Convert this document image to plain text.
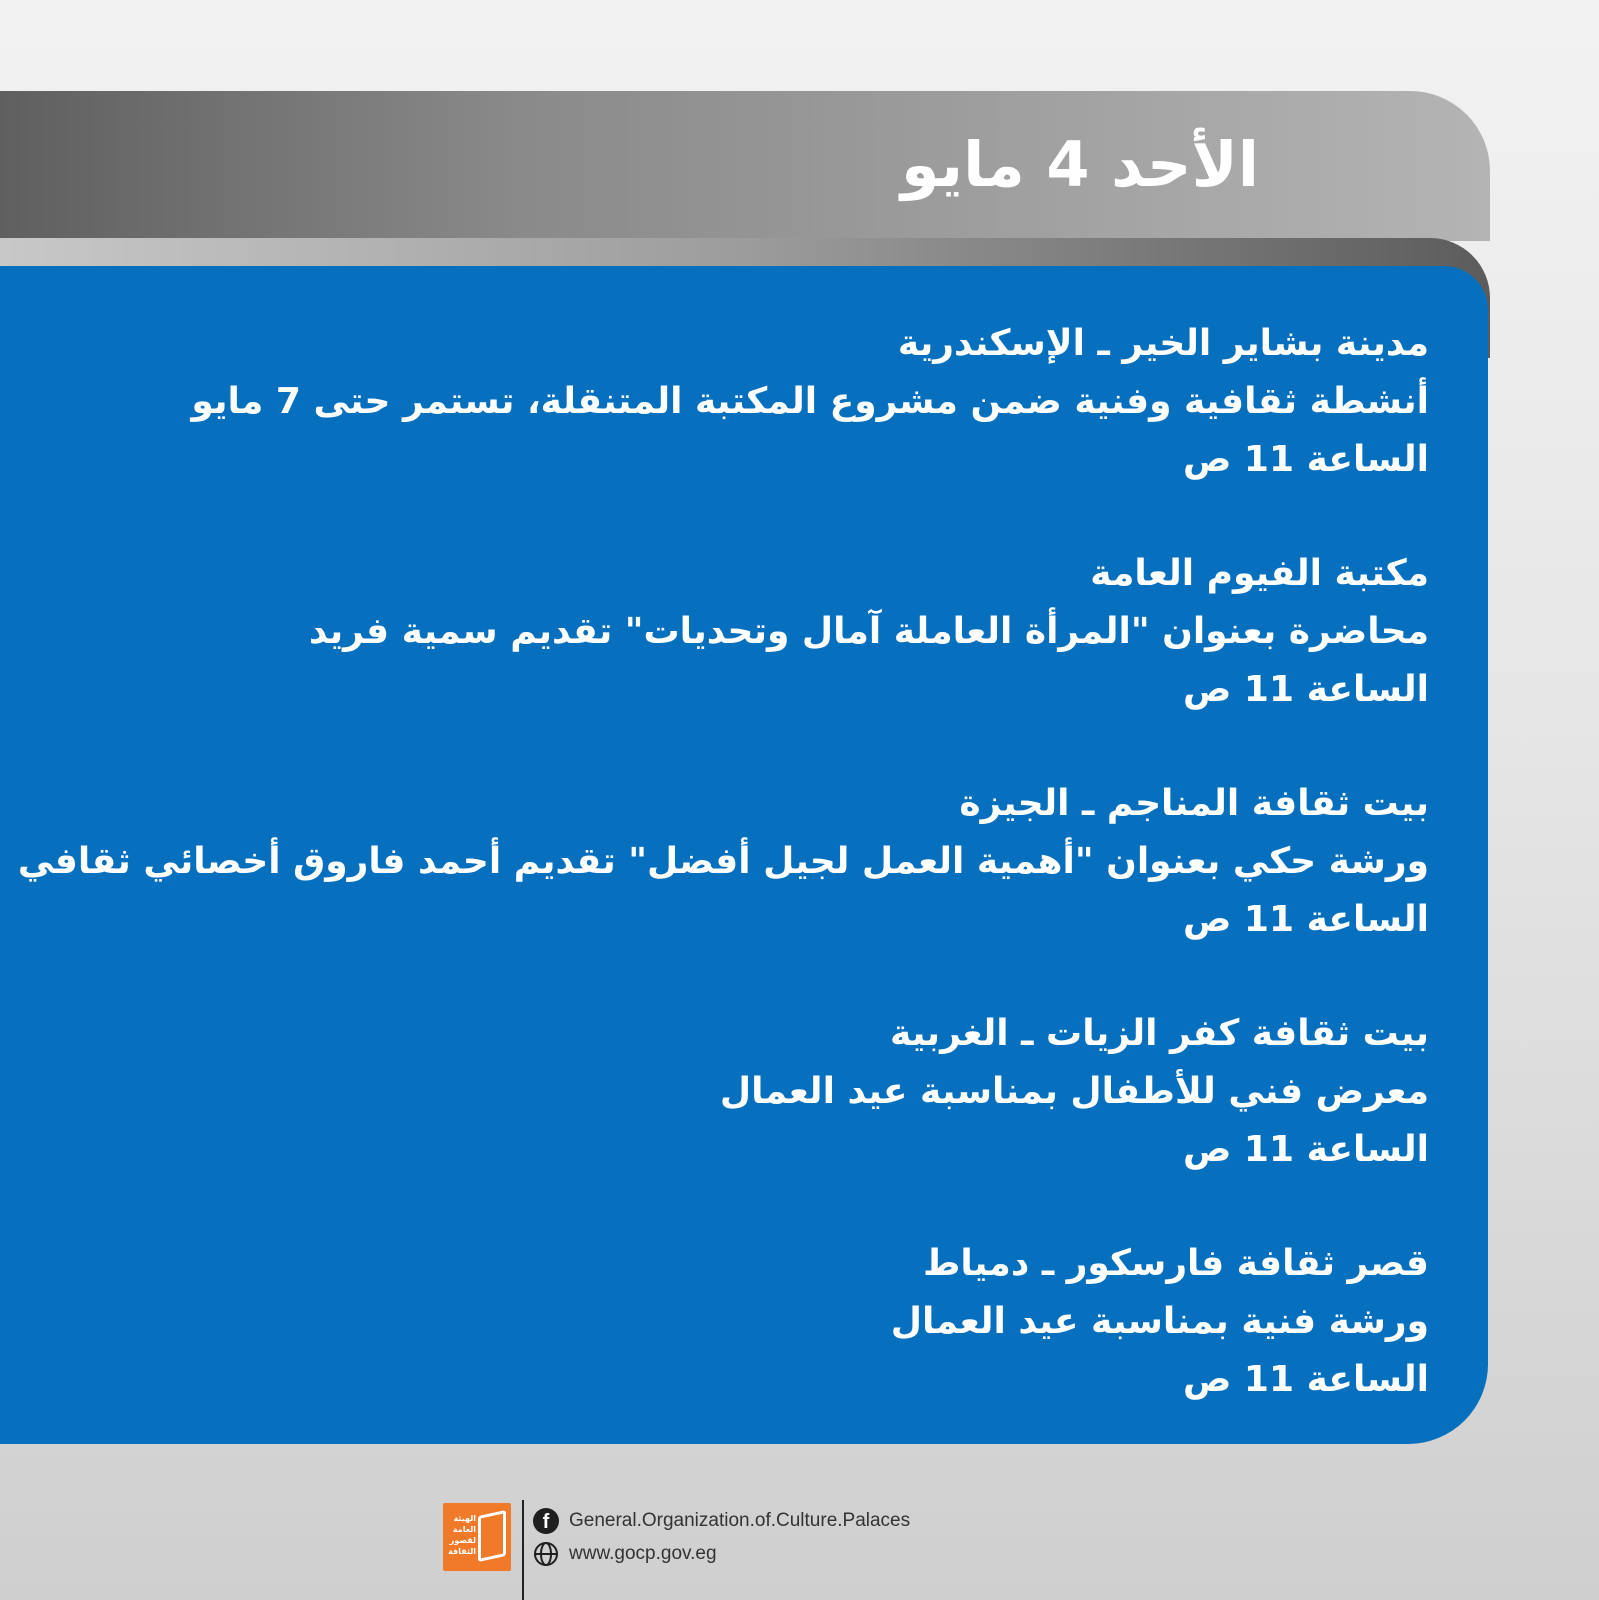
الأحد 4 مايو
مدينة بشاير الخير ـ الإسكندرية
أنشطة ثقافية وفنية ضمن مشروع المكتبة المتنقلة، تستمر حتى 7 مايو
الساعة 11 ص
مكتبة الفيوم العامة
محاضرة بعنوان "المرأة العاملة آمال وتحديات" تقديم سمية فريد
الساعة 11 ص
بيت ثقافة المناجم ـ الجيزة
ورشة حكي بعنوان "أهمية العمل لجيل أفضل" تقديم أحمد فاروق أخصائي ثقافي
الساعة 11 ص
بيت ثقافة كفر الزيات ـ الغربية
معرض فني للأطفال بمناسبة عيد العمال
الساعة 11 ص
قصر ثقافة فارسكور ـ دمياط
ورشة فنية بمناسبة عيد العمال
الساعة 11 ص
الهيئة العامة لقصور الثقافة
f	General.Organization.of.Culture.Palaces
www.gocp.gov.eg
